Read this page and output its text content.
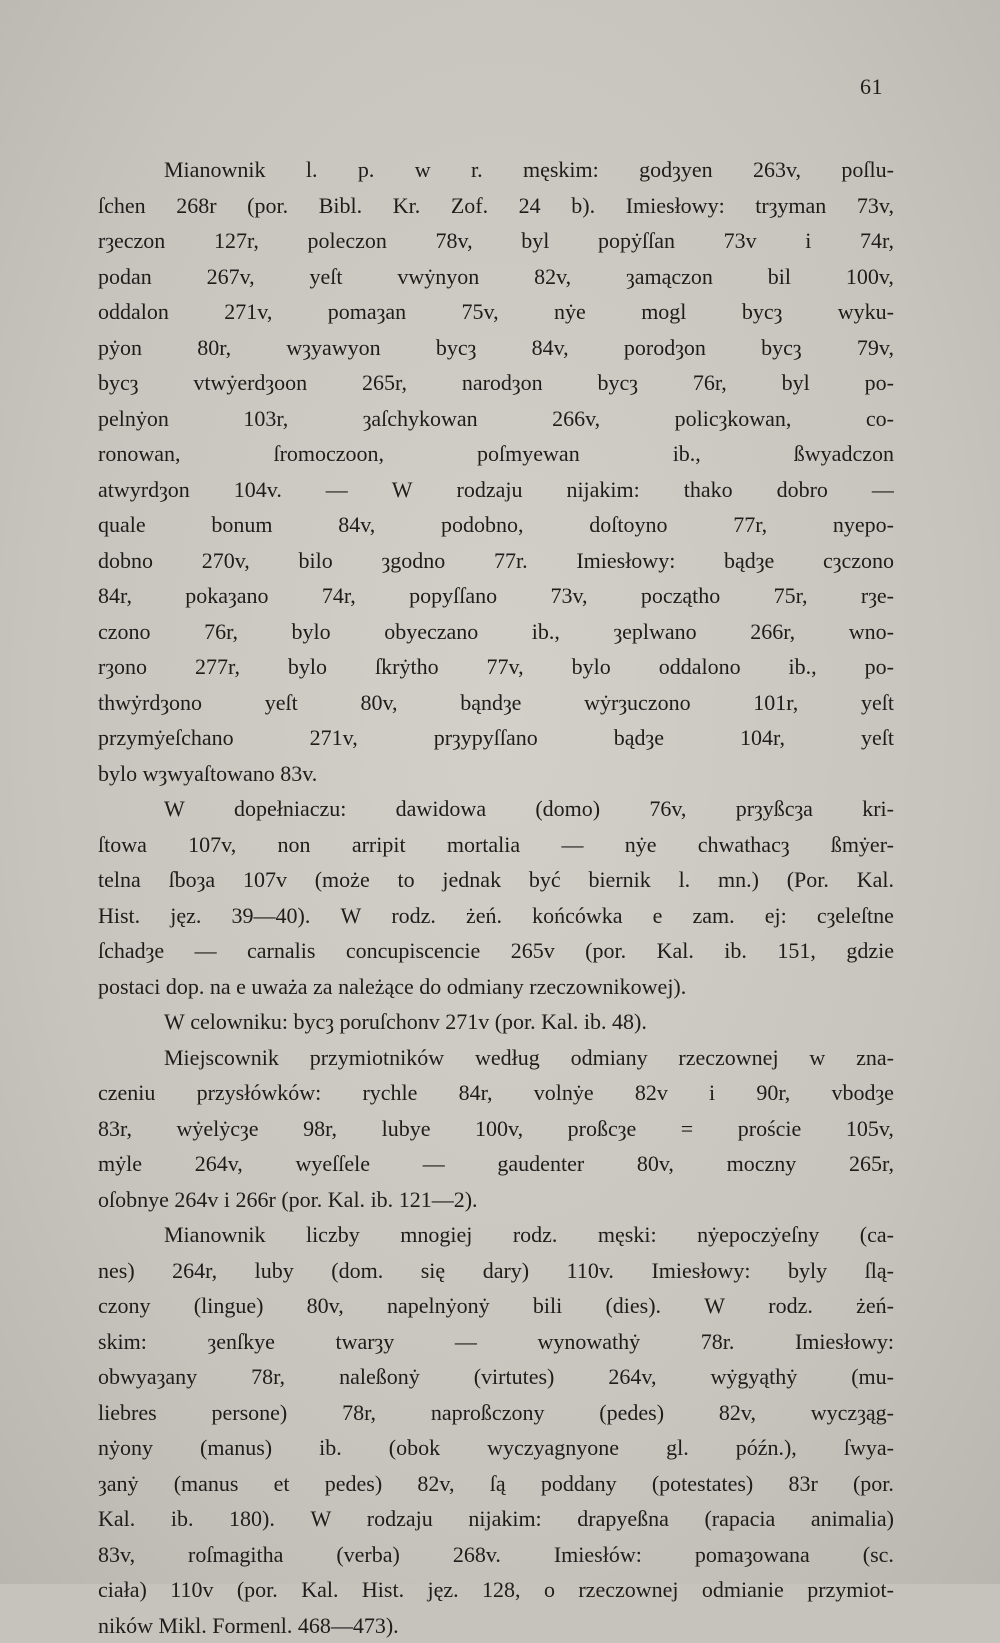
61
Mianownik l. p. w r. męskim: godȝyen 263v, poſlu-
ſchen 268r (por. Bibl. Kr. Zof. 24 b). Imiesłowy: trȝyman 73v,
rȝeczon 127r, poleczon 78v, byl popẏſſan 73v i 74r,
podan 267v, yeſt vwẏnyon 82v, ȝamączon bil 100v,
oddalon	271v,	pomaȝan	75v,	nẏe	mogl	bycȝ	wyku-
pẏon	80r,	wȝyawyon	bycȝ	84v,	porodȝon	bycȝ	79v,
bycȝ vtwẏerdȝoon 265r, narodȝon bycȝ 76r, byl po-
pelnẏon	103r,	ȝaſchykowan	266v,	policȝkowan,	co-
ronowan,	ſromoczoon,	poſmyewan	ib.,	ßwyadczon
atwyrdȝon 104v. — W rodzaju nijakim: thako dobro —
quale	bonum	84v,	podobno,	doſtoyno	77r,	nyepo-
dobno 270v, bilo ȝgodno 77r. Imiesłowy: bądȝe cȝczono
84r, pokaȝano 74r, popyſſano 73v, początho 75r, rȝe-
czono 76r, bylo obyeczano ib., ȝeplwano 266r, wno-
rȝono 277r, bylo ſkrẏtho 77v, bylo oddalono ib., po-
thwẏrdȝono	yeſt	80v,	bąndȝe	wẏrȝuczono	101r,	yeſt
przymẏeſchano	271v,	prȝypyſſano	bądȝe	104r,	yeſt
bylo wȝwyaſtowano 83v.
W dopełniaczu: dawidowa (domo) 76v, prȝyßcȝa kri-
ſtowa 107v, non arripit mortalia — nẏe chwathacȝ ßmẏer-
telna ſboȝa 107v (może to jednak być biernik l. mn.) (Por. Kal.
Hist. jęz. 39—40). W rodz. żeń. końcówka e zam. ej: cȝeleſtne
ſchadȝe — carnalis concupiscencie 265v (por. Kal. ib. 151, gdzie
postaci dop. na e uważa za należące do odmiany rzeczownikowej).
W celowniku: bycȝ poruſchonv 271v (por. Kal. ib. 48).
Miejscownik przymiotników według odmiany rzeczownej w zna-
czeniu przysłówków: rychle 84r, volnẏe 82v i 90r, vbodȝe
83r, wẏelẏcȝe 98r, lubye 100v, proßcȝe = proście 105v,
mẏle 264v, wyeſſele — gaudenter 80v, moczny 265r,
oſobnye 264v i 266r (por. Kal. ib. 121—2).
Mianownik liczby mnogiej rodz. męski: nẏepoczẏeſny (ca-
nes) 264r, luby (dom. się dary) 110v. Imiesłowy: byly ſlą-
czony (lingue) 80v, napelnẏonẏ bili (dies). W rodz. żeń-
skim:	ȝenſkye	twarȝy	—	wynowathẏ	78r.	Imiesłowy:
obwyaȝany 78r, naleßonẏ (virtutes) 264v, wẏgyąthẏ (mu-
liebres persone) 78r, naproßczony (pedes) 82v, wyczȝąg-
nẏony (manus) ib. (obok wyczyagnyone gl. późn.), ſwya-
ȝanẏ (manus et pedes) 82v, ſą poddany (potestates) 83r (por.
Kal. ib. 180). W rodzaju nijakim: drapyeßna (rapacia animalia)
83v, roſmagitha (verba) 268v. Imiesłów: pomaȝowana (sc.
ciała) 110v (por. Kal. Hist. jęz. 128, o rzeczownej odmianie przymiot-
ników Mikl. Formenl. 468—473).
